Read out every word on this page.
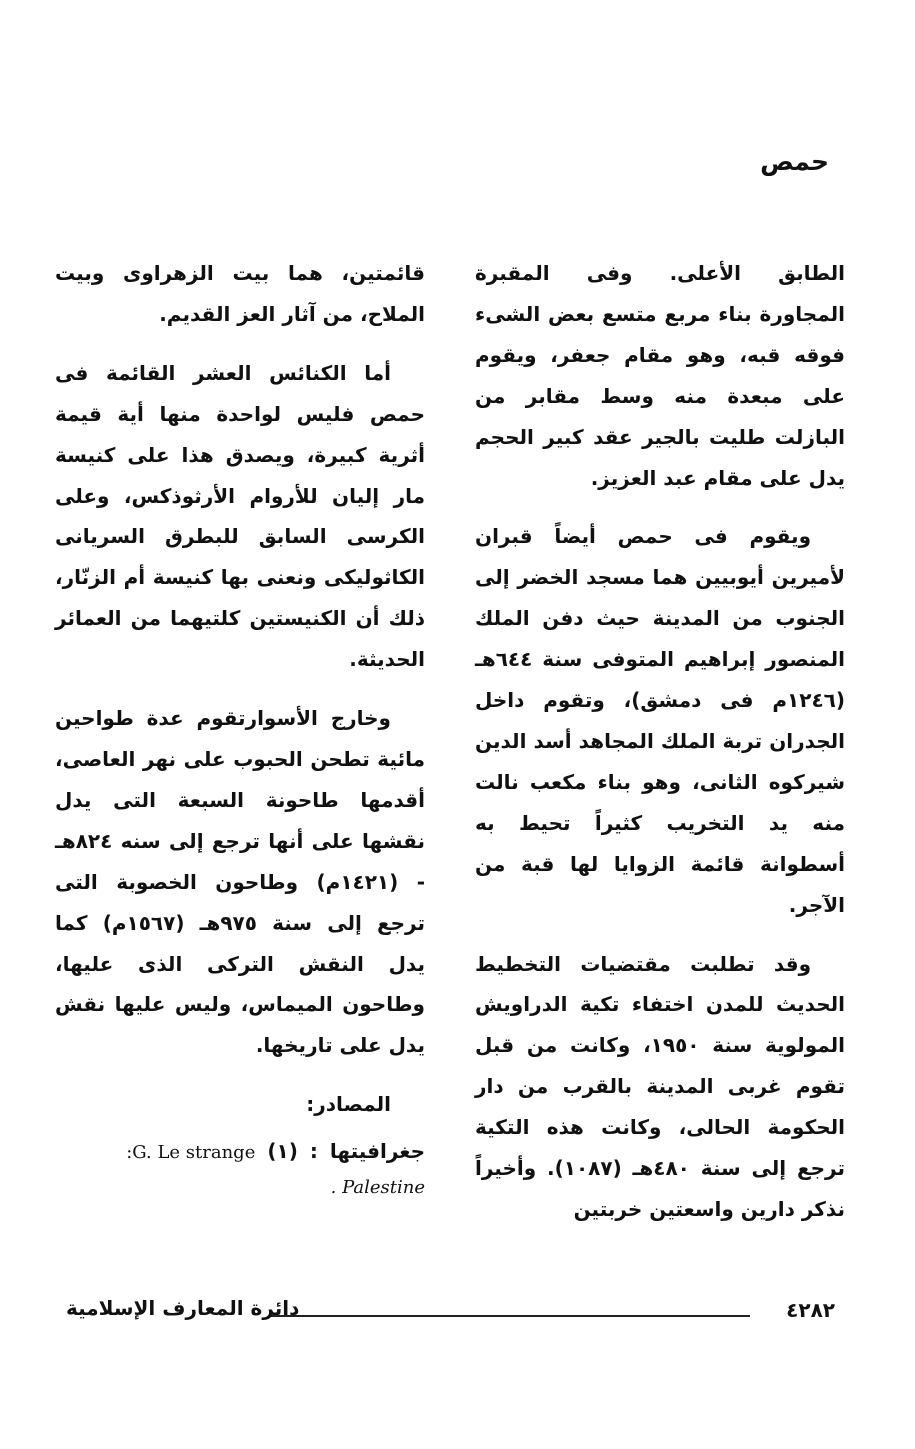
حمص

الطابق الأعلى. وفى المقبرة المجاورة بناء مربع متسع بعض الشىء فوقه قبه، وهو مقام جعفر، ويقوم على مبعدة منه وسط مقابر من البازلت طليت بالجير عقد كبير الحجم يدل على مقام عبد العزيز.

ويقوم فى حمص أيضاً قبران لأميرين أيوبيين هما مسجد الخضر إلى الجنوب من المدينة حيث دفن الملك المنصور إبراهيم المتوفى سنة ٦٤٤هـ (١٢٤٦م فى دمشق)، وتقوم داخل الجدران تربة الملك المجاهد أسد الدين شيركوه الثانى، وهو بناء مكعب نالت منه يد التخريب كثيراً تحيط به أسطوانة قائمة الزوايا لها قبة من الآجر.

وقد تطلبت مقتضيات التخطيط الحديث للمدن اختفاء تكية الدراويش المولوية سنة ١٩٥٠، وكانت من قبل تقوم غربى المدينة بالقرب من دار الحكومة الحالى، وكانت هذه التكية ترجع إلى سنة ٤٨٠هـ (١٠٨٧). وأخيراً نذكر دارين واسعتين خربتين

قائمتين، هما بيت الزهراوى وبيت الملاح، من آثار العز القديم.

أما الكنائس العشر القائمة فى حمص فليس لواحدة منها أية قيمة أثرية كبيرة، ويصدق هذا على كنيسة مار إليان للأروام الأرثوذكس، وعلى الكرسى السابق للبطرق السريانى الكاثوليكى ونعنى بها كنيسة أم الزنّار، ذلك أن الكنيستين كلتيهما من العمائر الحديثة.

وخارج الأسوارتقوم عدة طواحين مائية تطحن الحبوب على نهر العاصى، أقدمها طاحونة السبعة التى يدل نقشها على أنها ترجع إلى سنه ٨٢٤هـ - (١٤٢١م) وطاحون الخصوبة التى ترجع إلى سنة ٩٧٥هـ (١٥٦٧م) كما يدل النقش التركى الذى عليها، وطاحون الميماس، وليس عليها نقش يدل على تاريخها.

المصادر:
جغرافيتها
:
(١)
:G. Le strange
. Palestine
٤٢٨٢
دائرة المعارف الإسلامية
